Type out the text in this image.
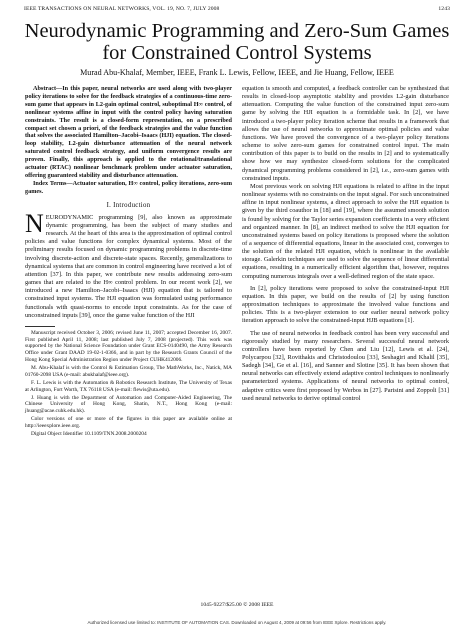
IEEE TRANSACTIONS ON NEURAL NETWORKS, VOL. 19, NO. 7, JULY 2008	1243
Neurodynamic Programming and Zero-Sum Games
for Constrained Control Systems
Murad Abu-Khalaf, Member, IEEE, Frank L. Lewis, Fellow, IEEE, and Jie Huang, Fellow, IEEE

Abstract—In this paper, neural networks are used along with two-player policy iterations to solve for the feedback strategies of a continuous-time zero-sum game that appears in L2-gain optimal control, suboptimal H∞ control, of nonlinear systems affine in input with the control policy having saturation constraints. The result is a closed-form representation, on a prescribed compact set chosen a priori, of the feedback strategies and the value function that solves the associated Hamilton–Jacobi–Isaacs (HJI) equation. The closed-loop stability, L2-gain disturbance attenuation of the neural network saturated control feedback strategy, and uniform convergence results are proven. Finally, this approach is applied to the rotational/translational actuator (RTAC) nonlinear benchmark problem under actuator saturation, offering guaranteed stability and disturbance attenuation.

Index Terms—Actuator saturation, H∞ control, policy iterations, zero-sum games.

I. Introduction

NEURODYNAMIC programming [9], also known as approximate dynamic programming, has been the subject of many studies and research. At the heart of this area is the approximation of optimal control policies and value functions for complex dynamical systems. Most of the preliminary results focused on dynamic programming problems in discrete-time involving discrete-action and discrete-state spaces. Recently, generalizations to dynamical systems that are common in control engineering have received a lot of attention [37]. In this paper, we contribute new results addressing zero-sum games that are related to the H∞ control problem. In our recent work [2], we introduced a new Hamilton–Jacobi–Isaacs (HJI) equation that is tailored to constrained input systems. The HJI equation was formulated using performance functionals with quasi-norms to encode input constraints. As for the case of unconstrained inputs [39], once the game value function of the HJI

Manuscript received October 3, 2006; revised June 11, 2007; accepted December 16, 2007. First published April 11, 2008; last published July 7, 2008 (projected). This work was supported by the National Science Foundation under Grant ECS-0140490, the Army Research Office under Grant DAAD 19-02-1-0366, and in part by the Research Grants Council of the Hong Kong Special Administration Region under Project CUHK412006.

M. Abu-Khalaf is with the Control & Estimation Group, The MathWorks, Inc., Natick, MA 01760-2098 USA (e-mail: abukhalaf@ieee.org).

F. L. Lewis is with the Automation & Robotics Research Institute, The University of Texas at Arlington, Fort Worth, TX 76118 USA (e-mail: flewis@uta.edu).

J. Huang is with the Department of Automation and Computer-Aided Engineering, The Chinese University of Hong Kong, Shatin, N.T., Hong Kong (e-mail: jhuang@acae.cuhk.edu.hk).

Color versions of one or more of the figures in this paper are available online at http://ieeexplore.ieee.org.

Digital Object Identifier 10.1109/TNN.2008.2000204

equation is smooth and computed, a feedback controller can be synthesized that results in closed-loop asymptotic stability and provides L2-gain disturbance attenuation. Computing the value function of the constrained input zero-sum game by solving the HJI equation is a formidable task. In [2], we have introduced a two-player policy iteration scheme that results in a framework that allows the use of neural networks to approximate optimal policies and value functions. We have proved the convergence of a two-player policy iterations scheme to solve zero-sum games for constrained control input. The main contribution of this paper is to build on the results in [2] and to systematically show how we may synthesize closed-form solutions for the complicated dynamical programming problems considered in [2], i.e., zero-sum games with constrained inputs.

Most previous work on solving HJI equations is related to affine in the input nonlinear systems with no constraints on the input signal. For such unconstrained affine in input nonlinear systems, a direct approach to solve the HJI equation is given by the third coauthor in [18] and [19], where the assumed smooth solution is found by solving for the Taylor series expansion coefficients in a very efficient and organized manner. In [8], an indirect method to solve the HJI equation for unconstrained systems based on policy iterations is proposed where the solution of a sequence of differential equations, linear in the associated cost, converges to the solution of the related HJI equation, which is nonlinear in the available storage. Galerkin techniques are used to solve the sequence of linear differential equations, resulting in a numerically efficient algorithm that, however, requires computing numerous integrals over a well-defined region of the state space.

In [2], policy iterations were proposed to solve the constrained-input HJI equation. In this paper, we build on the results of [2] by using function approximation techniques to approximate the involved value functions and policies. This is a two-player extension to our earlier neural network policy iteration approach to solve the constrained-input HJB equations [1].

The use of neural networks in feedback control has been very successful and rigorously studied by many researchers. Several successful neural network controllers have been reported by Chen and Liu [12], Lewis et al. [24], Polycarpou [32], Rovithakis and Christodoulou [33], Seshagiri and Khalil [35], Sadegh [34], Ge et al. [16], and Sanner and Slotine [35]. It has been shown that neural networks can effectively extend adaptive control techniques to nonlinearly parameterized systems. Applications of neural networks to optimal control, adaptive critics were first proposed by Werbos in [27]. Parisini and Zoppoli [31] used neural networks to derive optimal control

1045-9227/$25.00 © 2008 IEEE
Authorized licensed use limited to: INSTITUTE OF AUTOMATION CAS. Downloaded on August 4, 2009 at 09:56 from IEEE Xplore. Restrictions apply.
